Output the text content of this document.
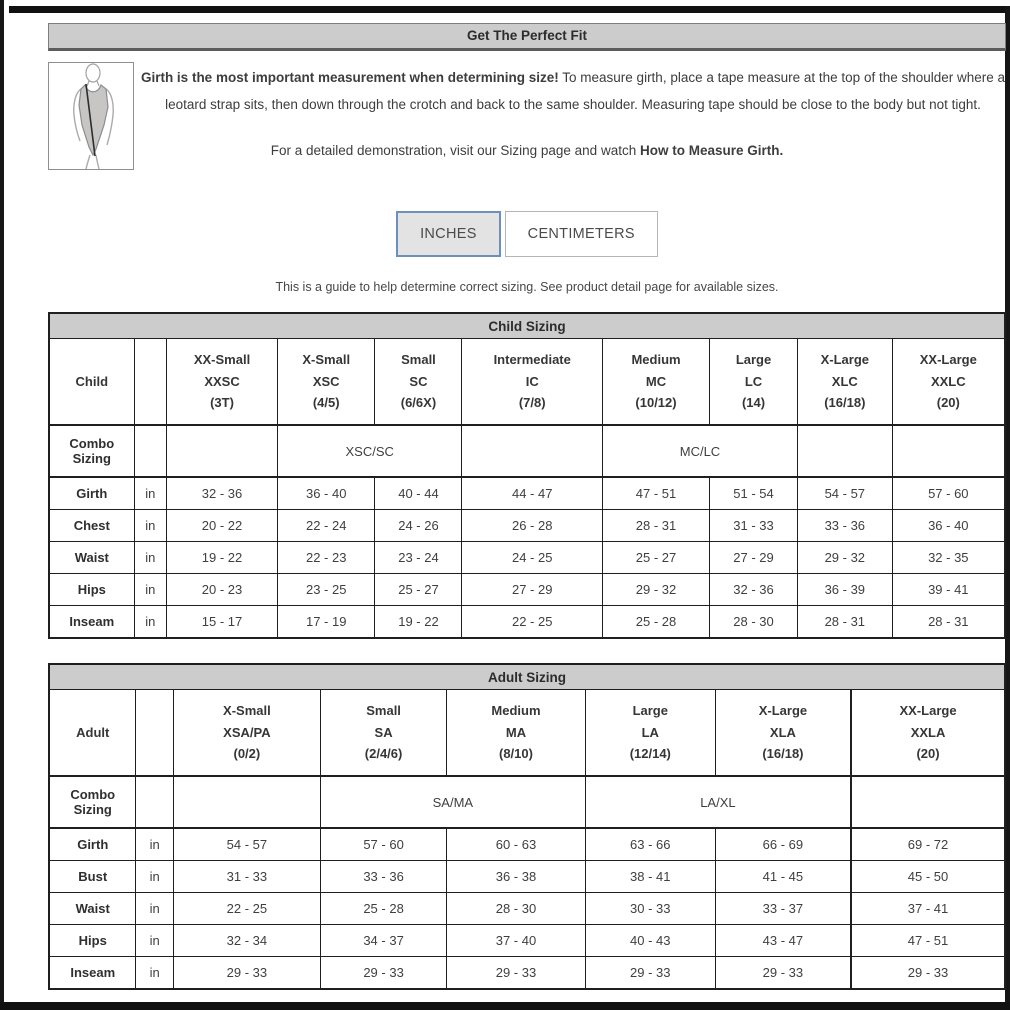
Get The Perfect Fit

Girth is the most important measurement when determining size! To measure girth, place a tape measure at the top of the shoulder where a leotard strap sits, then down through the crotch and back to the same shoulder. Measuring tape should be close to the body but not tight.

For a detailed demonstration, visit our Sizing page and watch How to Measure Girth.

INCHES	CENTIMETERS

This is a guide to help determine correct sizing. See product detail page for available sizes.

Child Sizing									
Child		XX-Small
XXSC
(3T)	X-Small
XSC
(4/5)	Small
SC
(6/6X)	Intermediate
IC
(7/8)	Medium
MC
(10/12)	Large
LC
(14)	X-Large
XLC
(16/18)	XX-Large
XXLC
(20)
Combo Sizing			XSC/SC			MC/LC			
Girth	in	32 - 36	36 - 40	40 - 44	44 - 47	47 - 51	51 - 54	54 - 57	57 - 60
Chest	in	20 - 22	22 - 24	24 - 26	26 - 28	28 - 31	31 - 33	33 - 36	36 - 40
Waist	in	19 - 22	22 - 23	23 - 24	24 - 25	25 - 27	27 - 29	29 - 32	32 - 35
Hips	in	20 - 23	23 - 25	25 - 27	27 - 29	29 - 32	32 - 36	36 - 39	39 - 41
Inseam	in	15 - 17	17 - 19	19 - 22	22 - 25	25 - 28	28 - 30	28 - 31	28 - 31
Adult Sizing							
Adult		X-Small
XSA/PA
(0/2)	Small
SA
(2/4/6)	Medium
MA
(8/10)	Large
LA
(12/14)	X-Large
XLA
(16/18)	XX-Large
XXLA
(20)
Combo Sizing			SA/MA		LA/XL		
Girth	in	54 - 57	57 - 60	60 - 63	63 - 66	66 - 69	69 - 72
Bust	in	31 - 33	33 - 36	36 - 38	38 - 41	41 - 45	45 - 50
Waist	in	22 - 25	25 - 28	28 - 30	30 - 33	33 - 37	37 - 41
Hips	in	32 - 34	34 - 37	37 - 40	40 - 43	43 - 47	47 - 51
Inseam	in	29 - 33	29 - 33	29 - 33	29 - 33	29 - 33	29 - 33
